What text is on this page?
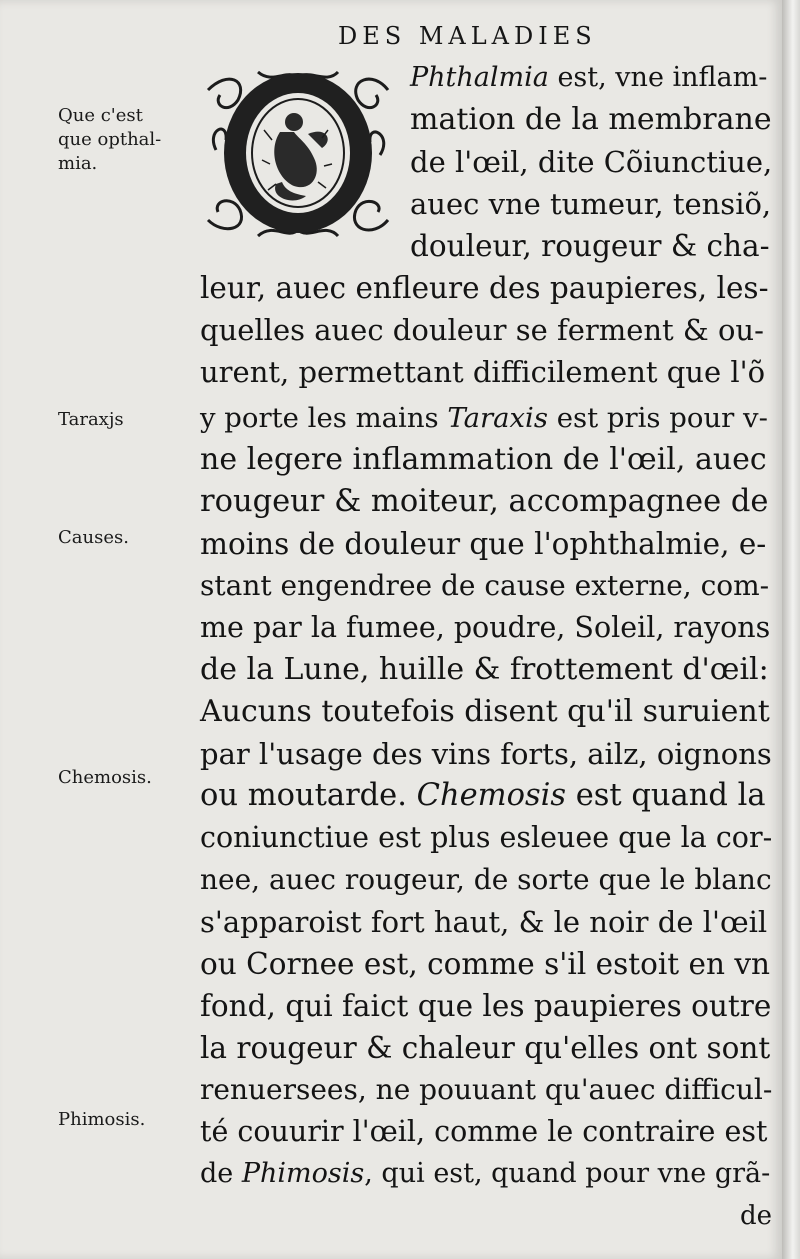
DES MALADIES
Que c'est
que opthal-
mia.
Taraxjs
Causes.
Chemosis.
Phimosis.
Phthalmia est, vne inflam-
mation de la membrane
de l'œil, dite Cõiunctiue,
auec vne tumeur, tensiõ,
douleur, rougeur & cha-
leur, auec enfleure des paupieres, les-
quelles auec douleur se ferment & ou-
urent, permettant difficilement que l'õ
y porte les mains Taraxis est pris pour v-
ne legere inflammation de l'œil, auec
rougeur & moiteur, accompagnee de
moins de douleur que l'ophthalmie, e-
stant engendree de cause externe, com-
me par la fumee, poudre, Soleil, rayons
de la Lune, huille & frottement d'œil:
Aucuns toutefois disent qu'il suruient
par l'usage des vins forts, ailz, oignons
ou moutarde. Chemosis est quand la
coniunctiue est plus esleuee que la cor-
nee, auec rougeur, de sorte que le blanc
s'apparoist fort haut, & le noir de l'œil
ou Cornee est, comme s'il estoit en vn
fond, qui faict que les paupieres outre
la rougeur & chaleur qu'elles ont sont
renuersees, ne pouuant qu'auec difficul-
té couurir l'œil, comme le contraire est
de Phimosis, qui est, quand pour vne grã-
de
